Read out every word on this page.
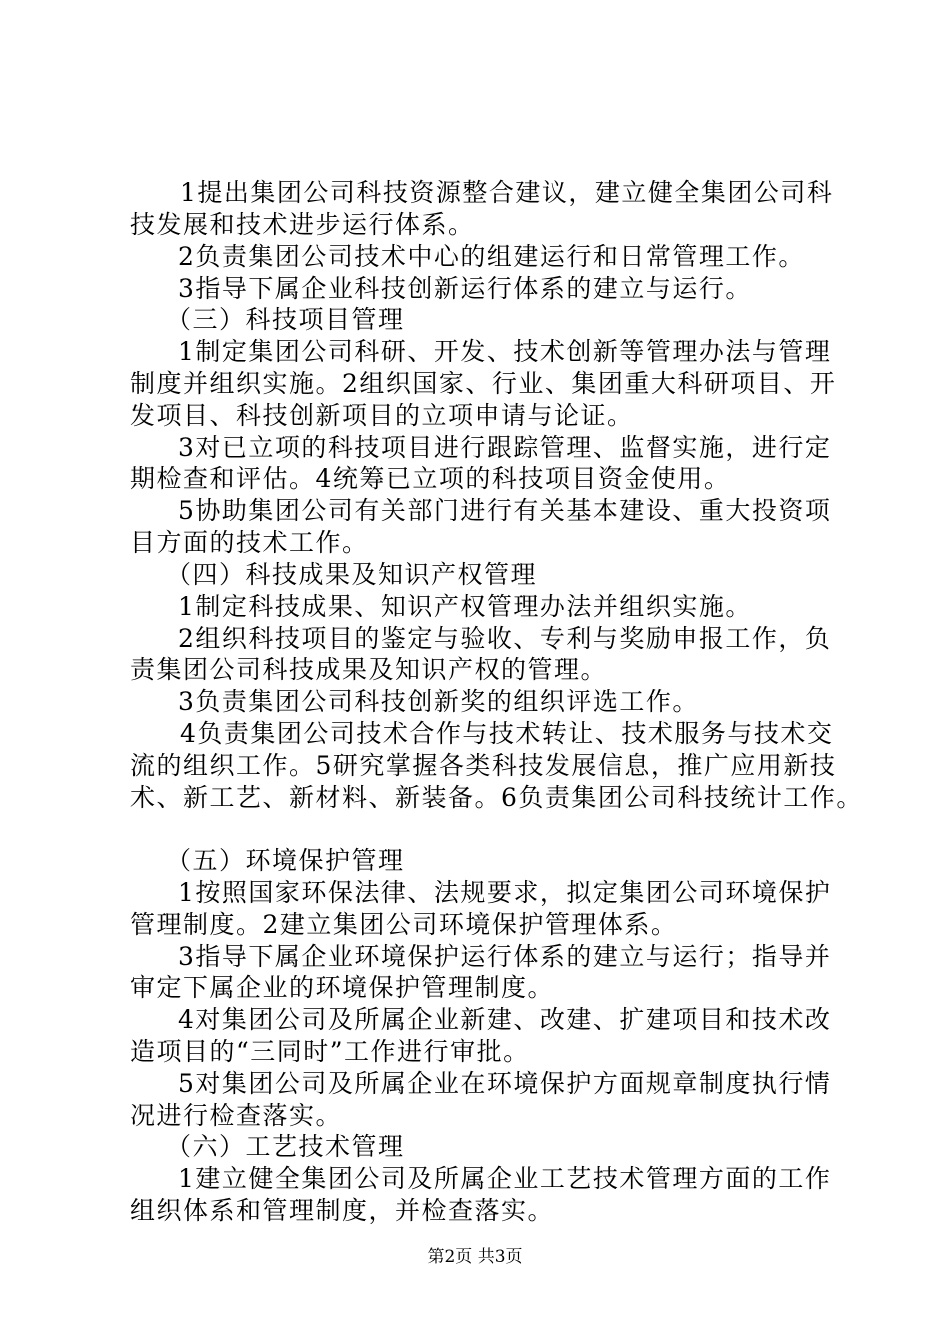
1提出集团公司科技资源整合建议，建立健全集团公司科
技发展和技术进步运行体系。
2负责集团公司技术中心的组建运行和日常管理工作。
3指导下属企业科技创新运行体系的建立与运行。
（三）科技项目管理
1制定集团公司科研、开发、技术创新等管理办法与管理
制度并组织实施。2组织国家、行业、集团重大科研项目、开
发项目、科技创新项目的立项申请与论证。
3对已立项的科技项目进行跟踪管理、监督实施，进行定
期检查和评估。4统筹已立项的科技项目资金使用。
5协助集团公司有关部门进行有关基本建设、重大投资项
目方面的技术工作。
（四）科技成果及知识产权管理
1制定科技成果、知识产权管理办法并组织实施。
2组织科技项目的鉴定与验收、专利与奖励申报工作，负
责集团公司科技成果及知识产权的管理。
3负责集团公司科技创新奖的组织评选工作。
4负责集团公司技术合作与技术转让、技术服务与技术交
流的组织工作。5研究掌握各类科技发展信息，推广应用新技
术、新工艺、新材料、新装备。6负责集团公司科技统计工作。
（五）环境保护管理
1按照国家环保法律、法规要求，拟定集团公司环境保护
管理制度。2建立集团公司环境保护管理体系。
3指导下属企业环境保护运行体系的建立与运行；指导并
审定下属企业的环境保护管理制度。
4对集团公司及所属企业新建、改建、扩建项目和技术改
造项目的“三同时”工作进行审批。
5对集团公司及所属企业在环境保护方面规章制度执行情
况进行检查落实。
（六）工艺技术管理
1建立健全集团公司及所属企业工艺技术管理方面的工作
组织体系和管理制度，并检查落实。
第2页 共3页
